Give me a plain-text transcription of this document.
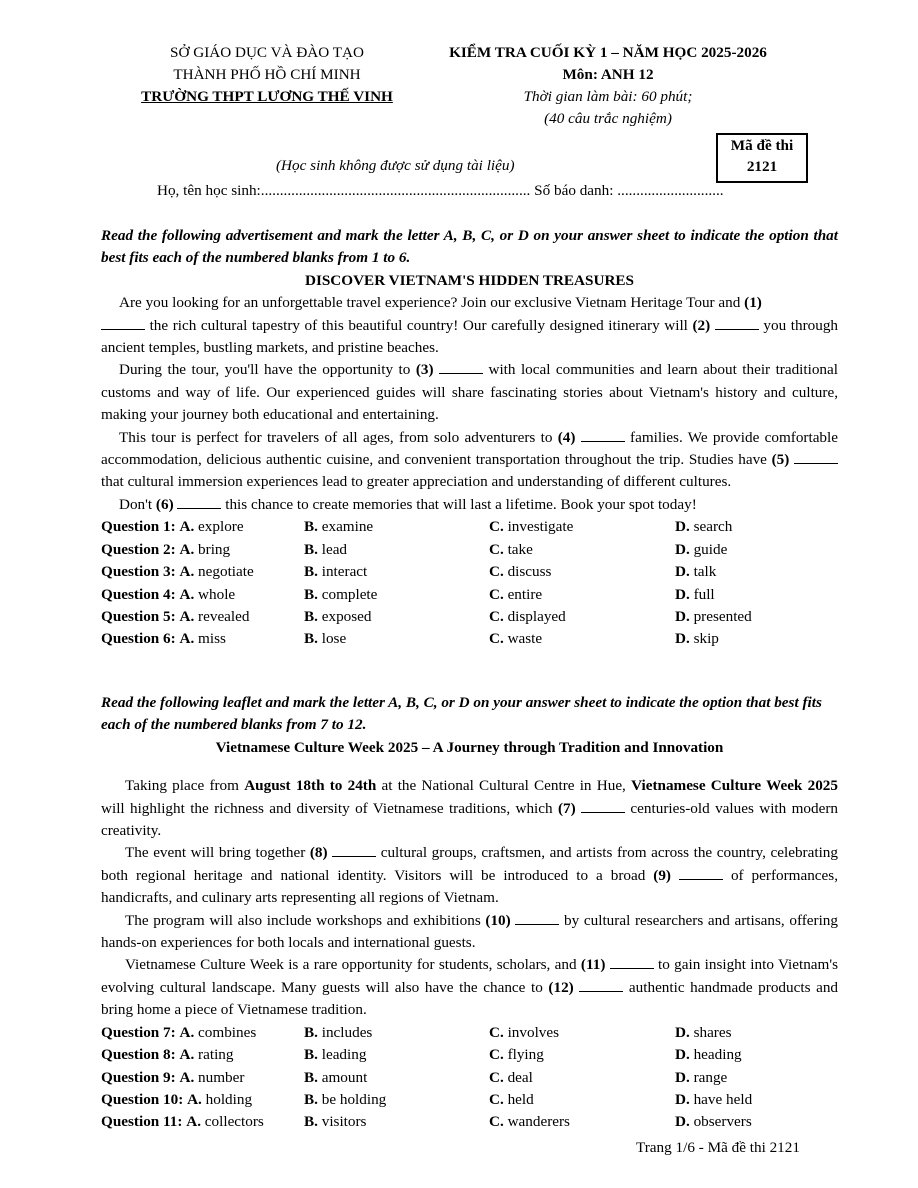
SỞ GIÁO DỤC VÀ ĐÀO TẠO
THÀNH PHỐ HỒ CHÍ MINH
TRƯỜNG THPT LƯƠNG THẾ VINH
KIỂM TRA CUỐI KỲ 1 – NĂM HỌC 2025-2026
Môn: ANH 12
Thời gian làm bài: 60 phút;
(40 câu trắc nghiệm)
Mã đề thi
2121
(Học sinh không được sử dụng tài liệu)
Họ, tên học sinh:....................................................................... Số báo danh: ............................

Read the following advertisement and mark the letter A, B, C, or D on your answer sheet to indicate the option that best fits each of the numbered blanks from 1 to 6.

DISCOVER VIETNAM'S HIDDEN TREASURES

Are you looking for an unforgettable travel experience? Join our exclusive Vietnam Heritage Tour and (1)
the rich cultural tapestry of this beautiful country! Our carefully designed itinerary will (2)	you through ancient temples, bustling markets, and pristine beaches.

During the tour, you'll have the opportunity to (3)	with local communities and learn about their traditional customs and way of life. Our experienced guides will share fascinating stories about Vietnam's history and culture, making your journey both educational and entertaining.

This tour is perfect for travelers of all ages, from solo adventurers to (4)	families. We provide comfortable accommodation, delicious authentic cuisine, and convenient transportation throughout the trip. Studies have (5)  that cultural immersion experiences lead to greater appreciation and understanding of different cultures.

Don't (6)	this chance to create memories that will last a lifetime. Book your spot today!

Question 1: A. explore	B. examine	C. investigate	D. search
Question 2: A. bring	B. lead	C. take	D. guide
Question 3: A. negotiate	B. interact	C. discuss	D. talk
Question 4: A. whole	B. complete	C. entire	D. full
Question 5: A. revealed	B. exposed	C. displayed	D. presented
Question 6: A. miss	B. lose	C. waste	D. skip

Read the following leaflet and mark the letter A, B, C, or D on your answer sheet to indicate the option that best fits each of the numbered blanks from 7 to 12.

Vietnamese Culture Week 2025 – A Journey through Tradition and Innovation

Taking place from August 18th to 24th at the National Cultural Centre in Hue, Vietnamese Culture Week 2025 will highlight the richness and diversity of Vietnamese traditions, which (7)	centuries-old values with modern creativity.

The event will bring together (8)	cultural groups, craftsmen, and artists from across the country, celebrating both regional heritage and national identity. Visitors will be introduced to a broad (9)	of performances, handicrafts, and culinary arts representing all regions of Vietnam.

The program will also include workshops and exhibitions (10)	by cultural researchers and artisans, offering hands-on experiences for both locals and international guests.

Vietnamese Culture Week is a rare opportunity for students, scholars, and (11)	to gain insight into Vietnam's evolving cultural landscape. Many guests will also have the chance to (12)	authentic handmade products and bring home a piece of Vietnamese tradition.

Question 7: A. combines	B. includes	C. involves	D. shares
Question 8: A. rating	B. leading	C. flying	D. heading
Question 9: A. number	B. amount	C. deal	D. range
Question 10: A. holding	B. be holding	C. held	D. have held
Question 11: A. collectors	B. visitors	C. wanderers	D. observers
Trang 1/6 - Mã đề thi 2121
